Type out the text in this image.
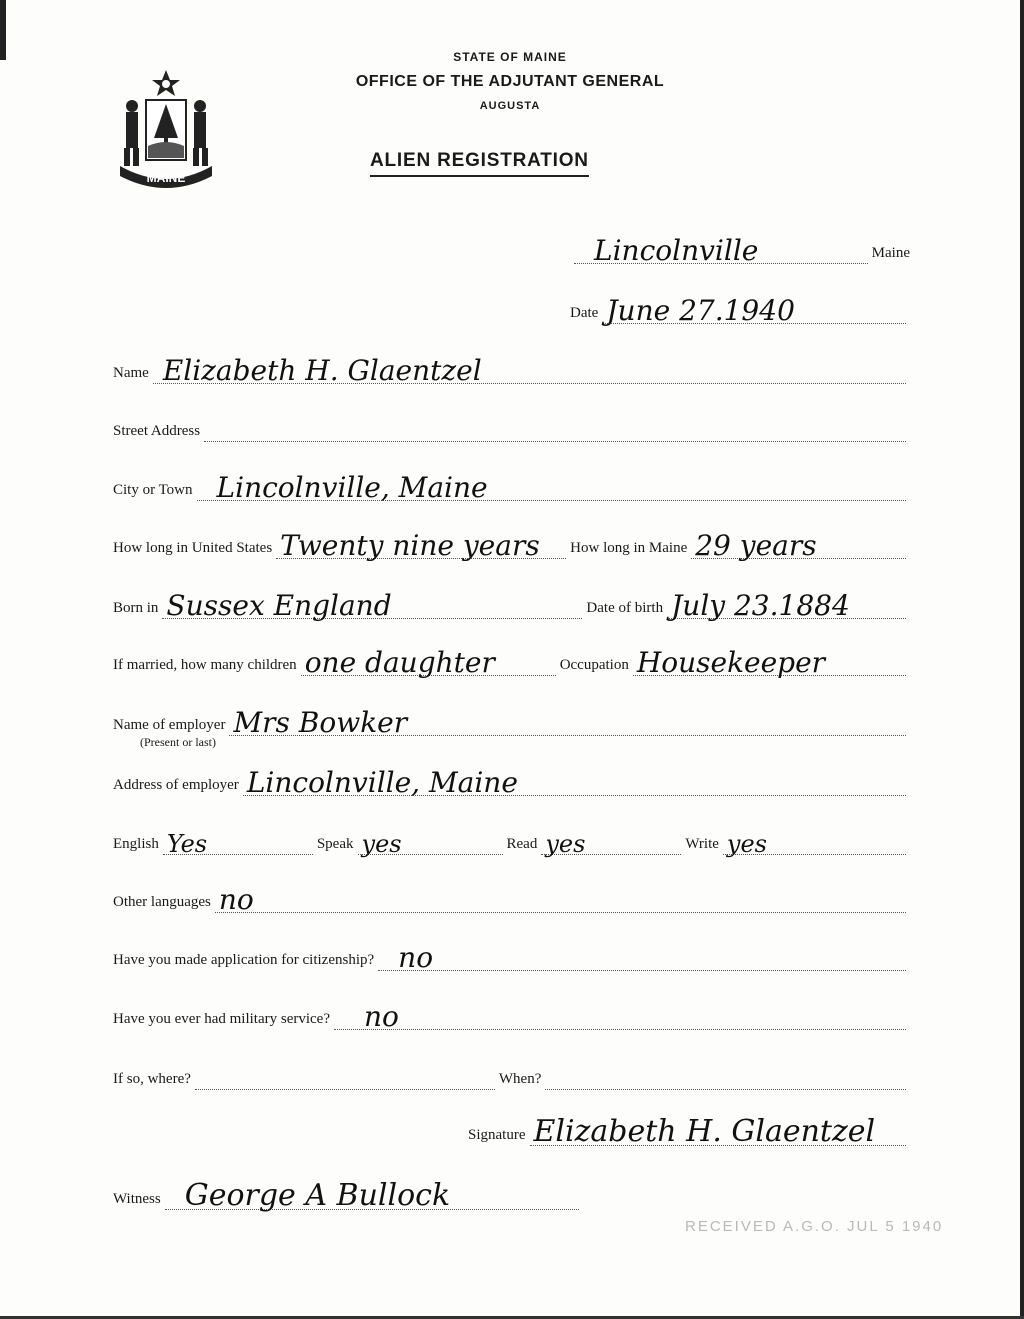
MAINE
STATE OF MAINE
OFFICE OF THE ADJUTANT GENERAL
AUGUSTA
ALIEN REGISTRATION
Lincolnville	Maine
Date June 27.1940
Name Elizabeth H. Glaentzel
Street Address
City or Town Lincolnville, Maine
How long in United States Twenty nine years How long in Maine 29 years
Born in Sussex England	Date of birth July 23.1884
If married, how many children one daughter	Occupation Housekeeper
Name of employer Mrs Bowker
(Present or last)
Address of employer Lincolnville, Maine
English Yes	Speak yes	Read yes	Write yes
Other languages no
Have you made application for citizenship? no
Have you ever had military service? no
If so, where?	When?
Signature Elizabeth H. Glaentzel
Witness George A Bullock
RECEIVED A.G.O. JUL 5 1940
